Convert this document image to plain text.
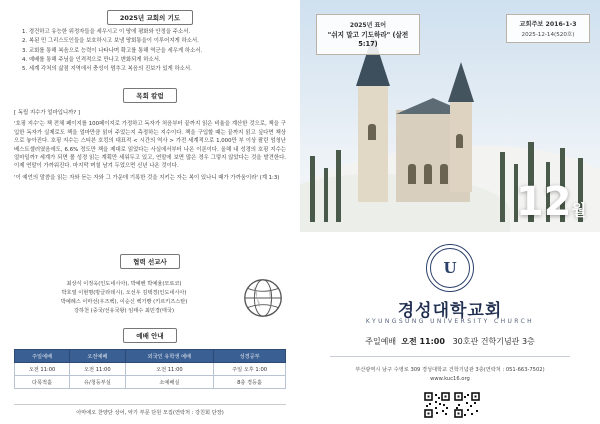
2025년 교회의 기도
1. 경건하고 유능한 위정자들을 세우시고 이 땅에 평화와 안정을 주소서.
2. 복된 민 그리스도인들을 보호하시고 보냄 땅회통을이 이루어지게 하소서.
3. 교회를 통해 복음으로 능력이 나타나며 확고를 통해 역군을 세우게 하소서.
4. 예배를 통해 주님을 인격적으로 만나고 변화되게 하소서.
5. 세계 각처의 삶점 지역에서 충성이 멈추고 복음의 진보가 있게 하소서.
목회 칼럼

[ 독립 지수가 얼마입니까? ]

'호핑 지수'는 책 전체 페이지를 100페이지로 가정하고 독자가 처음부터 끝까지 읽은 비율을 계산한 것으로, 책을 구입한 독자가 실제로도 책을 얼마만큼 읽어 주었는지 측정하는 지수이다. 책을 구입할 때는 끝까지 읽고 싶다면 책상으로 놓아진다. 호핑 지수는 스티븐 호킹의 대표적 < 시간의 역사 > 가전 세계적으로 1,000만 부 이상 팔린 엄청난 베스트셀러였음에도, 6.6% 정도만 책을 제대로 읽었다는 사실에서부터 나온 이론이다. 올해 내 성경의 호핑 지수는 얼마일까? 세계가 되면 볼 성경 읽는 계획만 세워두고 있고, 연말에 보면 많은 경우 그렇지 않았다는 것을 발견한다. 이제 연말이 가까워진다. 마지막 며칠 남겨 두었으면 신년 나온 것이다.

'이 예언의 말씀을 읽는 자와 듣는 자와 그 가운데 기록한 것을 지키는 자는 복이 있나니 때가 가까움이라' (계 1:3)

협력 선교사
최상식 이정욱(인도네시아), 박예벤 박예율(모로코)
박호열 이현명(방글라데시), 오선우 김택경(인도네시아)
박예례스 이마선(우즈벡), 이순신 벡기빵 (키르키즈스탄)
강하천 (중국/선유국왕) 임태수 최민경(태국)
예배 안내
주일예배	오전예배	외국인 유학생 예배	성경공부
오전 11:00	오전 11:00	오전 11:00	주일 오후 1:00
다목적홀	유/청등부실	소예배실	8층 경등홀
아마에오 찬양단 상어, 악기 부문 단원 모집(연락처 : 강친회 단장)
2025년 표어
"쉬지 말고 기도하라" (살전 5:17)
교회주보 2016-1-3
2025-12-14(520호)
12월
U
경성대학교회
KYUNGSUNG UNIVERSITY CHURCH
주일예배 오전 11:00 30호관 건학기념관 3층
부산광역시 남구 수영로 309 경성대학교 건학기념관 3층(연락처 : 051-663-7502)
www.kuc16.org
